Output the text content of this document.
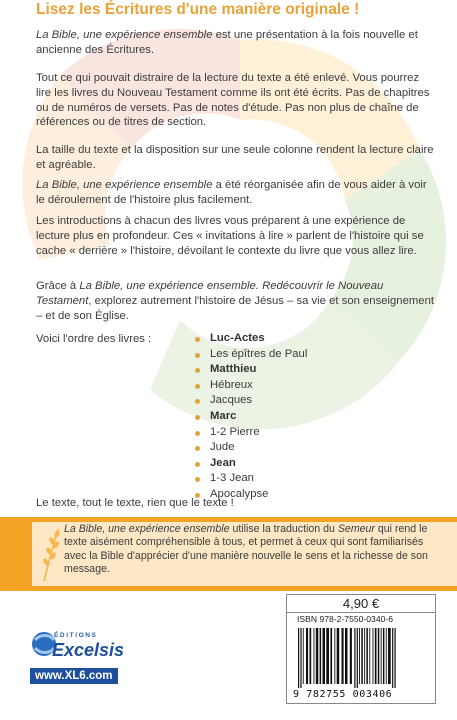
Lisez les Écritures d'une manière originale !

La Bible, une expérience ensemble est une présentation à la fois nouvelle et ancienne des Écritures.

Tout ce qui pouvait distraire de la lecture du texte a été enlevé. Vous pourrez lire les livres du Nouveau Testament comme ils ont été écrits. Pas de chapitres ou de numéros de versets. Pas de notes d'étude. Pas non plus de chaîne de références ou de titres de section.

La taille du texte et la disposition sur une seule colonne rendent la lecture claire et agréable.

La Bible, une expérience ensemble a été réorganisée afin de vous aider à voir le déroulement de l'histoire plus facilement.

Les introductions à chacun des livres vous préparent à une expérience de lecture plus en profondeur. Ces « invitations à lire » parlent de l'histoire qui se cache « derrière » l'histoire, dévoilant le contexte du livre que vous allez lire.

Grâce à La Bible, une expérience ensemble. Redécouvrir le Nouveau Testament, explorez autrement l'histoire de Jésus – sa vie et son enseignement – et de son Église.

Voici l'ordre des livres :	Luc-Actes
Les épîtres de Paul
Matthieu
Hébreux
Jacques
Marc
1-2 Pierre
Jude
Jean
1-3 Jean
Apocalypse
Le texte, tout le texte, rien que le texte !
La Bible, une expérience ensemble utilise la traduction du Semeur qui rend le texte aisément compréhensible à tous, et permet à ceux qui sont familiarisés avec la Bible d'apprécier d'une manière nouvelle le sens et la richesse de son message.
ÉDITIONS
Excelsis
www.XL6.com
4,90 €
ISBN 978-2-7550-0340-6
9 782755 003406
